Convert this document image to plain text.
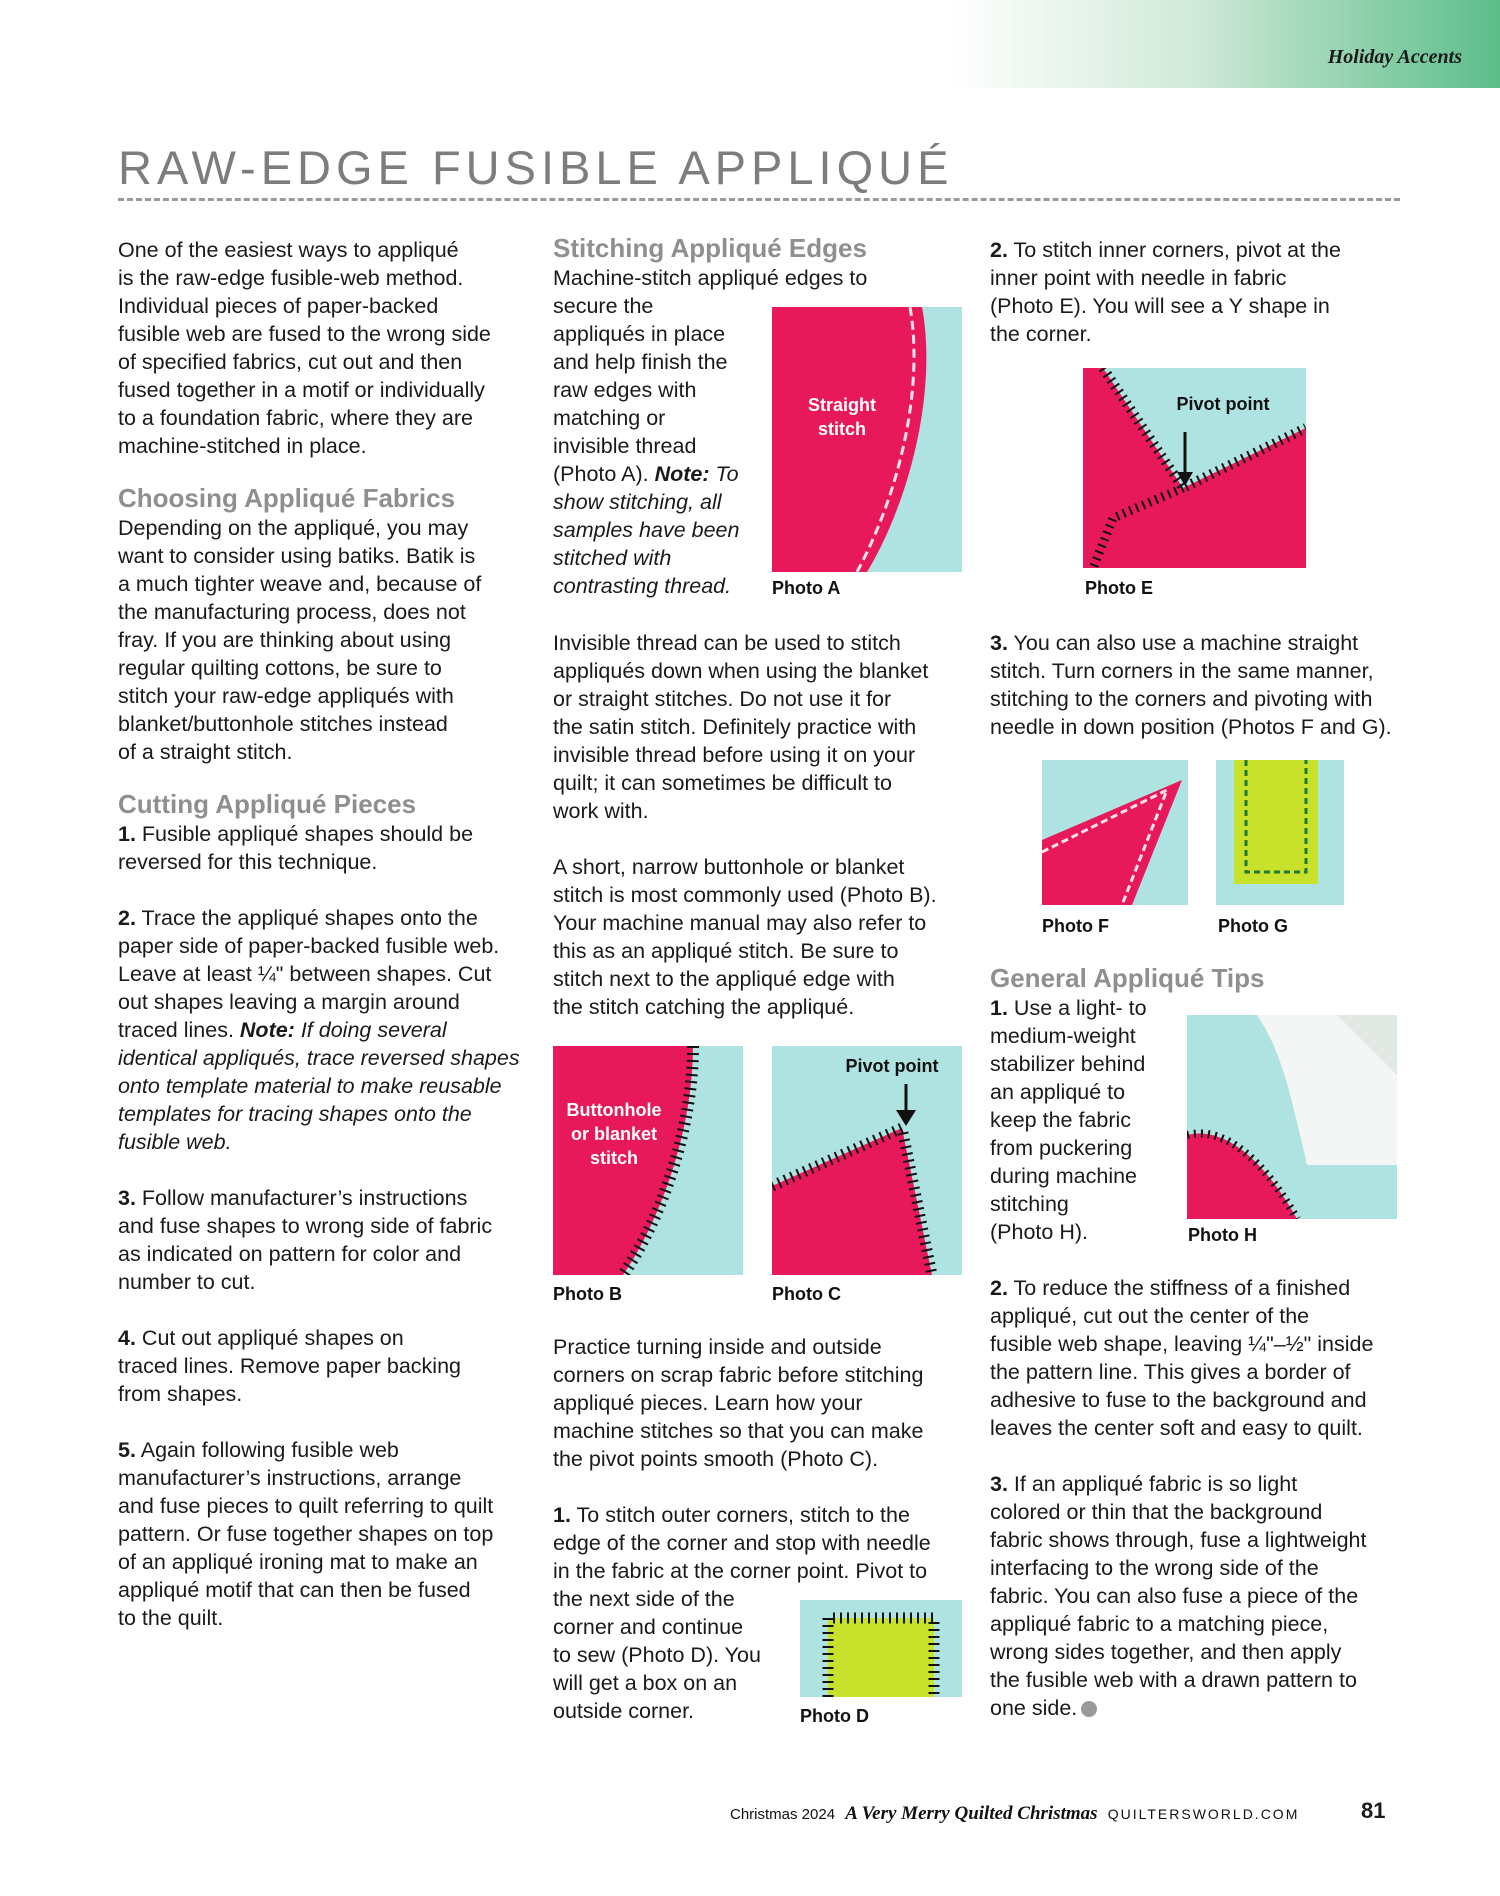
Holiday Accents
RAW-EDGE FUSIBLE APPLIQUÉ

One of the easiest ways to appliqué

is the raw-edge fusible-web method.

Individual pieces of paper-backed

fusible web are fused to the wrong side

of specified fabrics, cut out and then

fused together in a motif or individually

to a foundation fabric, where they are

machine-stitched in place.

Choosing Appliqué Fabrics

Depending on the appliqué, you may

want to consider using batiks. Batik is

a much tighter weave and, because of

the manufacturing process, does not

fray. If you are thinking about using

regular quilting cottons, be sure to

stitch your raw-edge appliqués with

blanket/buttonhole stitches instead

of a straight stitch.

Cutting Appliqué Pieces

1. Fusible appliqué shapes should be

reversed for this technique.

2. Trace the appliqué shapes onto the

paper side of paper-backed fusible web.

Leave at least ¼" between shapes. Cut

out shapes leaving a margin around

traced lines. Note: If doing several

identical appliqués, trace reversed shapes

onto template material to make reusable

templates for tracing shapes onto the

fusible web.

3. Follow manufacturer’s instructions

and fuse shapes to wrong side of fabric

as indicated on pattern for color and

number to cut.

4. Cut out appliqué shapes on

traced lines. Remove paper backing

from shapes.

5. Again following fusible web

manufacturer’s instructions, arrange

and fuse pieces to quilt referring to quilt

pattern. Or fuse together shapes on top

of an appliqué ironing mat to make an

appliqué motif that can then be fused

to the quilt.

Stitching Appliqué Edges

Machine-stitch appliqué edges to

secure the

appliqués in place

and help finish the

raw edges with

matching or

invisible thread

(Photo A). Note: To

show stitching, all

samples have been

stitched with

contrasting thread.

Invisible thread can be used to stitch

appliqués down when using the blanket

or straight stitches. Do not use it for

the satin stitch. Definitely practice with

invisible thread before using it on your

quilt; it can sometimes be difficult to

work with.

A short, narrow buttonhole or blanket

stitch is most commonly used (Photo B).

Your machine manual may also refer to

this as an appliqué stitch. Be sure to

stitch next to the appliqué edge with

the stitch catching the appliqué.

Practice turning inside and outside

corners on scrap fabric before stitching

appliqué pieces. Learn how your

machine stitches so that you can make

the pivot points smooth (Photo C).

1. To stitch outer corners, stitch to the

edge of the corner and stop with needle

in the fabric at the corner point. Pivot to

the next side of the

corner and continue

to sew (Photo D). You

will get a box on an

outside corner.

2. To stitch inner corners, pivot at the

inner point with needle in fabric

(Photo E). You will see a Y shape in

the corner.

3. You can also use a machine straight

stitch. Turn corners in the same manner,

stitching to the corners and pivoting with

needle in down position (Photos F and G).

General Appliqué Tips

1. Use a light- to

medium-weight

stabilizer behind

an appliqué to

keep the fabric

from puckering

during machine

stitching

(Photo H).

2. To reduce the stiffness of a finished

appliqué, cut out the center of the

fusible web shape, leaving ¼"–½" inside

the pattern line. This gives a border of

adhesive to fuse to the background and

leaves the center soft and easy to quilt.

3. If an appliqué fabric is so light

colored or thin that the background

fabric shows through, fuse a lightweight

interfacing to the wrong side of the

fabric. You can also fuse a piece of the

appliqué fabric to a matching piece,

wrong sides together, and then apply

the fusible web with a drawn pattern to

one side.

Straight
stitch
Photo A
Pivot point
Photo E
Photo F	Photo G
Buttonhole
or blanket
stitch
Photo B
Pivot point
Photo C
Photo H
Photo D
Christmas 2024 A Very Merry Quilted Christmas QUILTERSWORLD.COM	81
